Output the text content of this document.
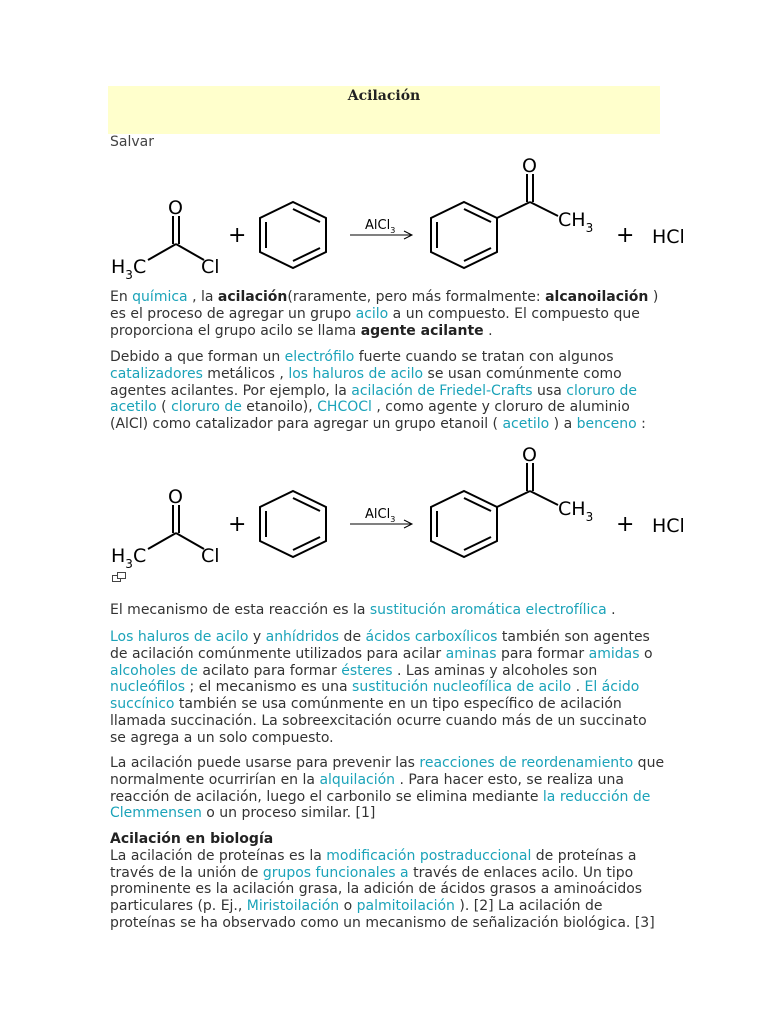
Acilación
Salvar
O
$H_3C$	Cl
+	AlCl$_3$
O
$CH_3$ + HCl
En química , la acilación(raramente, pero más formalmente: alcanoilación ) es el proceso de agregar un grupo acilo a un compuesto. El compuesto que proporciona el grupo acilo se llama agente acilante .
Debido a que forman un electrófilo fuerte cuando se tratan con algunos catalizadores metálicos , los haluros de acilo se usan comúnmente como agentes acilantes. Por ejemplo, la acilación de Friedel-Crafts usa cloruro de acetilo ( cloruro de etanoilo), CHCOCl , como agente y cloruro de aluminio (AlCl) como catalizador para agregar un grupo etanoil ( acetilo ) a benceno :
O
$H_3C$	Cl
+	AlCl$_3$
O
$CH_3$ + HCl
El mecanismo de esta reacción es la sustitución aromática electrofílica .
Los haluros de acilo y anhídridos de ácidos carboxílicos también son agentes de acilación comúnmente utilizados para acilar aminas para formar amidas o alcoholes de acilato para formar ésteres . Las aminas y alcoholes son nucleófilos ; el mecanismo es una sustitución nucleofílica de acilo . El ácido succínico también se usa comúnmente en un tipo específico de acilación llamada succinación. La sobreexcitación ocurre cuando más de un succinato se agrega a un solo compuesto.
La acilación puede usarse para prevenir las reacciones de reordenamiento que normalmente ocurrirían en la alquilación . Para hacer esto, se realiza una reacción de acilación, luego el carbonilo se elimina mediante la reducción de Clemmensen o un proceso similar. [1]
Acilación en biología
La acilación de proteínas es la modificación postraduccional de proteínas a través de la unión de grupos funcionales a través de enlaces acilo. Un tipo prominente es la acilación grasa, la adición de ácidos grasos a aminoácidos particulares (p. Ej., Miristoilación o palmitoilación ). [2] La acilación de proteínas se ha observado como un mecanismo de señalización biológica. [3]
